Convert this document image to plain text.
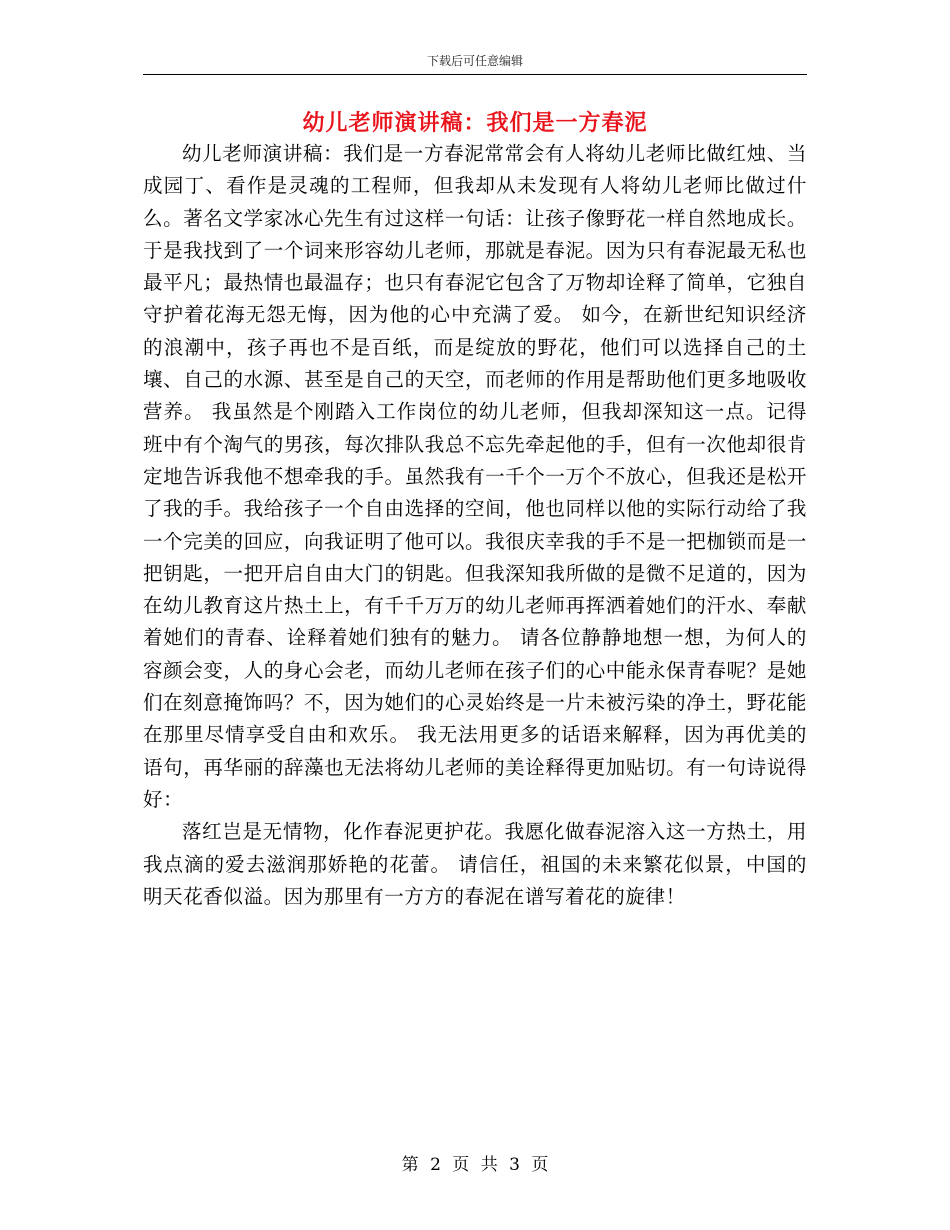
下载后可任意编辑
幼儿老师演讲稿：我们是一方春泥

幼儿老师演讲稿：我们是一方春泥常常会有人将幼儿老师比做红烛、当成园丁、看作是灵魂的工程师，但我却从未发现有人将幼儿老师比做过什么。著名文学家冰心先生有过这样一句话：让孩子像野花一样自然地成长。于是我找到了一个词来形容幼儿老师，那就是春泥。因为只有春泥最无私也最平凡；最热情也最温存；也只有春泥它包含了万物却诠释了简单，它独自守护着花海无怨无悔，因为他的心中充满了爱。 如今，在新世纪知识经济的浪潮中，孩子再也不是百纸，而是绽放的野花，他们可以选择自己的土壤、自己的水源、甚至是自己的天空，而老师的作用是帮助他们更多地吸收营养。 我虽然是个刚踏入工作岗位的幼儿老师，但我却深知这一点。记得班中有个淘气的男孩，每次排队我总不忘先牵起他的手，但有一次他却很肯定地告诉我他不想牵我的手。虽然我有一千个一万个不放心，但我还是松开了我的手。我给孩子一个自由选择的空间，他也同样以他的实际行动给了我一个完美的回应，向我证明了他可以。我很庆幸我的手不是一把枷锁而是一把钥匙，一把开启自由大门的钥匙。但我深知我所做的是微不足道的，因为在幼儿教育这片热土上，有千千万万的幼儿老师再挥洒着她们的汗水、奉献着她们的青春、诠释着她们独有的魅力。 请各位静静地想一想，为何人的容颜会变，人的身心会老，而幼儿老师在孩子们的心中能永保青春呢？是她们在刻意掩饰吗？不，因为她们的心灵始终是一片未被污染的净土，野花能在那里尽情享受自由和欢乐。 我无法用更多的话语来解释，因为再优美的语句，再华丽的辞藻也无法将幼儿老师的美诠释得更加贴切。有一句诗说得好：

落红岂是无情物，化作春泥更护花。我愿化做春泥溶入这一方热土，用我点滴的爱去滋润那娇艳的花蕾。 请信任，祖国的未来繁花似景，中国的明天花香似溢。因为那里有一方方的春泥在谱写着花的旋律！

第 2 页 共 3 页
